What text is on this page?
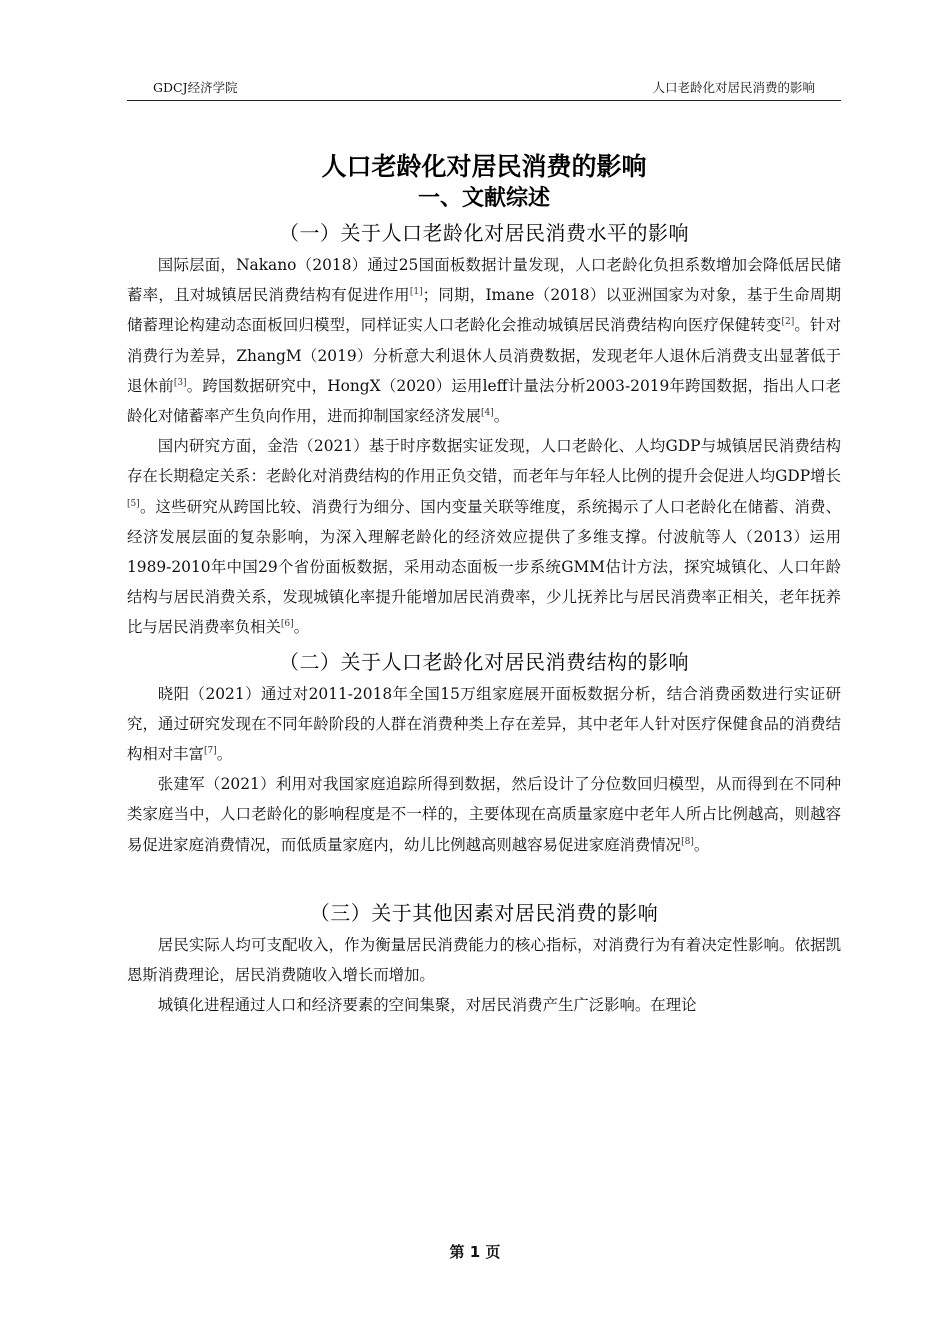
GDCJ经济学院	人口老龄化对居民消费的影响
人口老龄化对居民消费的影响
一、文献综述
（一）关于人口老龄化对居民消费水平的影响

国际层面，Nakano（2018）通过25国面板数据计量发现，人口老龄化负担系数增加会降低居民储蓄率，且对城镇居民消费结构有促进作用[1]；同期，Imane（2018）以亚洲国家为对象，基于生命周期储蓄理论构建动态面板回归模型，同样证实人口老龄化会推动城镇居民消费结构向医疗保健转变[2]。针对消费行为差异，ZhangM（2019）分析意大利退休人员消费数据，发现老年人退休后消费支出显著低于退休前[3]。跨国数据研究中，HongX（2020）运用leff计量法分析2003-2019年跨国数据，指出人口老龄化对储蓄率产生负向作用，进而抑制国家经济发展[4]。

国内研究方面，金浩（2021）基于时序数据实证发现，人口老龄化、人均GDP与城镇居民消费结构存在长期稳定关系：老龄化对消费结构的作用正负交错，而老年与年轻人比例的提升会促进人均GDP增长[5]。这些研究从跨国比较、消费行为细分、国内变量关联等维度，系统揭示了人口老龄化在储蓄、消费、经济发展层面的复杂影响，为深入理解老龄化的经济效应提供了多维支撑。付波航等人（2013）运用1989-2010年中国29个省份面板数据，采用动态面板一步系统GMM估计方法，探究城镇化、人口年龄结构与居民消费关系，发现城镇化率提升能增加居民消费率，少儿抚养比与居民消费率正相关，老年抚养比与居民消费率负相关[6]。

（二）关于人口老龄化对居民消费结构的影响

晓阳（2021）通过对2011-2018年全国15万组家庭展开面板数据分析，结合消费函数进行实证研究，通过研究发现在不同年龄阶段的人群在消费种类上存在差异，其中老年人针对医疗保健食品的消费结构相对丰富[7]。

张建军（2021）利用对我国家庭追踪所得到数据，然后设计了分位数回归模型，从而得到在不同种类家庭当中，人口老龄化的影响程度是不一样的，主要体现在高质量家庭中老年人所占比例越高，则越容易促进家庭消费情况，而低质量家庭内，幼儿比例越高则越容易促进家庭消费情况[8]。

（三）关于其他因素对居民消费的影响

居民实际人均可支配收入，作为衡量居民消费能力的核心指标，对消费行为有着决定性影响。依据凯恩斯消费理论，居民消费随收入增长而增加。

城镇化进程通过人口和经济要素的空间集聚，对居民消费产生广泛影响。在理论

第 1 页
